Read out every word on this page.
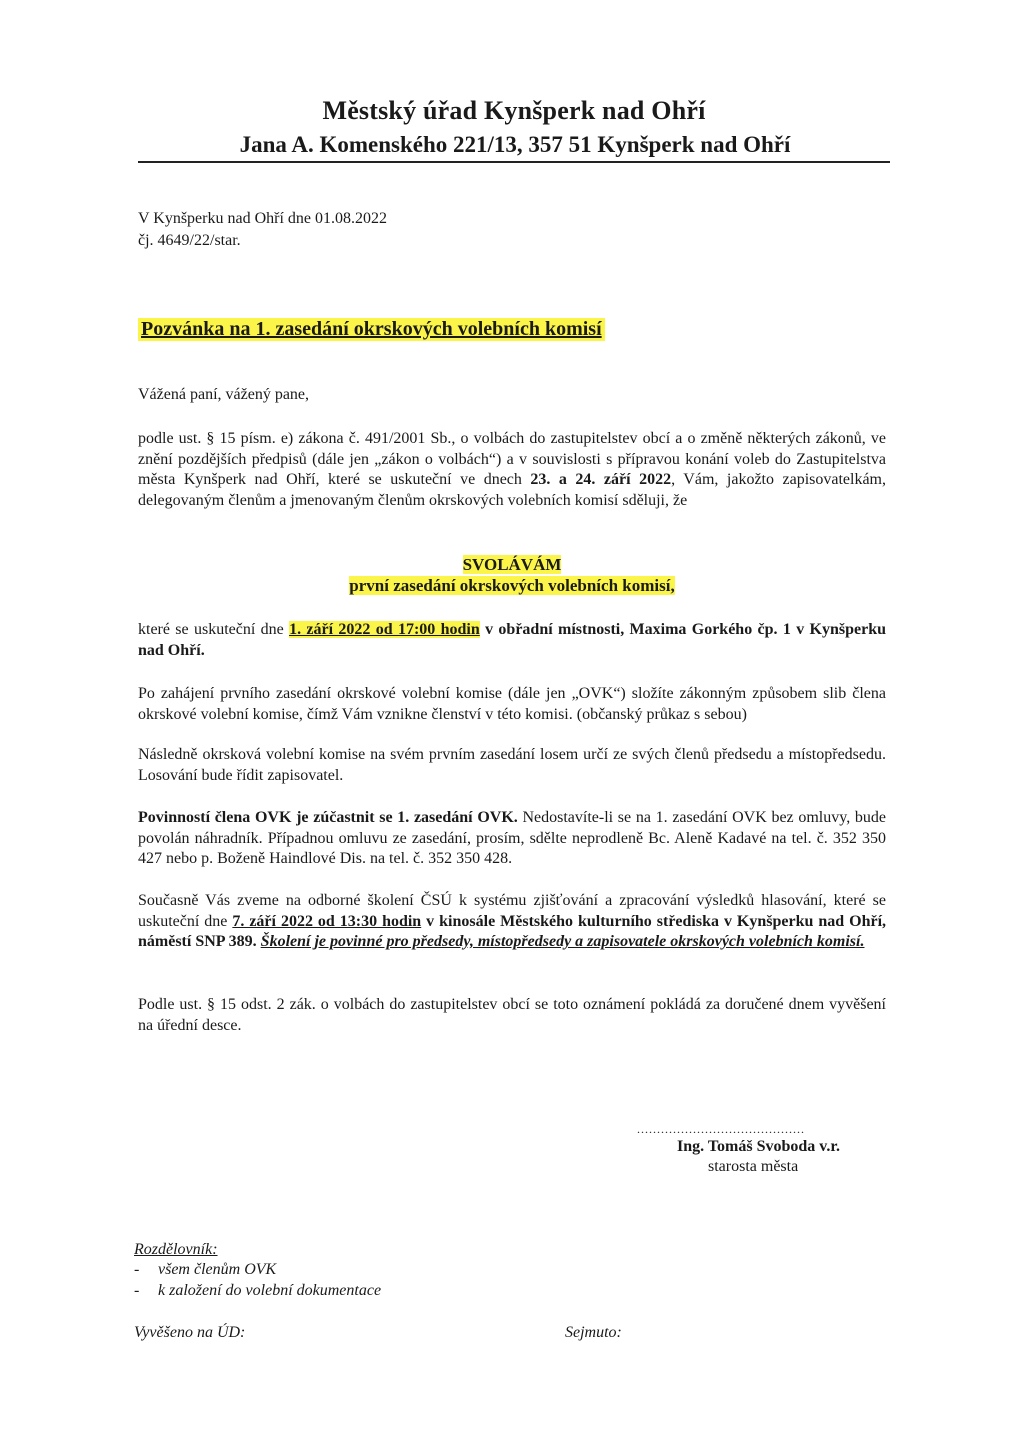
Městský úřad Kynšperk nad Ohří
Jana A. Komenského 221/13, 357 51 Kynšperk nad Ohří
V Kynšperku nad Ohří dne 01.08.2022
čj. 4649/22/star.
Pozvánka na 1. zasedání okrskových volebních komisí
Vážená paní, vážený pane,
podle ust. § 15 písm. e) zákona č. 491/2001 Sb., o volbách do zastupitelstev obcí a o změně některých zákonů, ve znění pozdějších předpisů (dále jen „zákon o volbách“) a v souvislosti s přípravou konání voleb do Zastupitelstva města Kynšperk nad Ohří, které se uskuteční ve dnech 23. a 24. září 2022, Vám, jakožto zapisovatelkám, delegovaným členům a jmenovaným členům okrskových volebních komisí sděluji, že
SVOLÁVÁM
první zasedání okrskových volebních komisí,
které se uskuteční dne 1. září 2022 od 17:00 hodin v obřadní místnosti, Maxima Gorkého čp. 1 v Kynšperku nad Ohří.
Po zahájení prvního zasedání okrskové volební komise (dále jen „OVK“) složíte zákonným způsobem slib člena okrskové volební komise, čímž Vám vznikne členství v této komisi. (občanský průkaz s sebou)
Následně okrsková volební komise na svém prvním zasedání losem určí ze svých členů předsedu a místopředsedu. Losování bude řídit zapisovatel.
Povinností člena OVK je zúčastnit se 1. zasedání OVK. Nedostavíte-li se na 1. zasedání OVK bez omluvy, bude povolán náhradník. Případnou omluvu ze zasedání, prosím, sdělte neprodleně Bc. Aleně Kadavé na tel. č. 352 350 427 nebo p. Boženě Haindlové Dis. na tel. č. 352 350 428.
Současně Vás zveme na odborné školení ČSÚ k systému zjišťování a zpracování výsledků hlasování, které se uskuteční dne 7. září 2022 od 13:30 hodin v kinosále Městského kulturního střediska v Kynšperku nad Ohří, náměstí SNP 389. Školení je povinné pro předsedy, místopředsedy a zapisovatele okrskových volebních komisí.
Podle ust. § 15 odst. 2 zák. o volbách do zastupitelstev obcí se toto oznámení pokládá za doručené dnem vyvěšení na úřední desce.
..........................................
Ing. Tomáš Svoboda v.r.
starosta města
Rozdělovník:
- všem členům OVK
- k založení do volební dokumentace
Vyvěšeno na ÚD:	Sejmuto:
